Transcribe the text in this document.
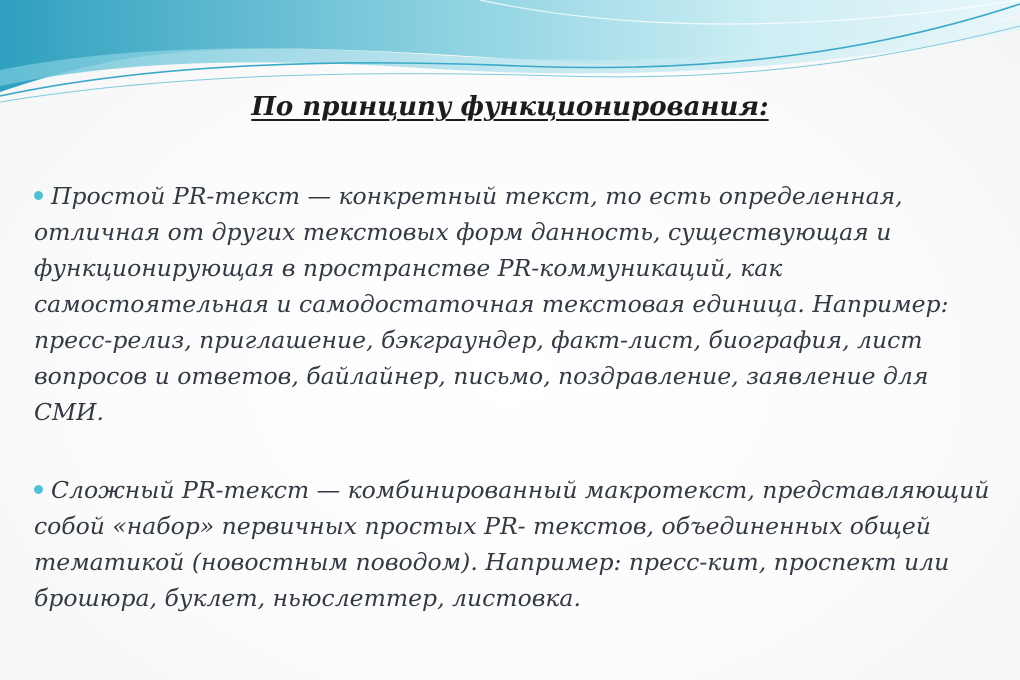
По принципу функционирования:

Простой PR-текст — конкретный текст, то есть определенная, отличная от других текстовых форм данность, существующая и функционирующая в пространстве PR-коммуникаций, как самостоятельная и самодостаточная текстовая единица. Например: пресс-релиз, приглашение, бэкграундер, факт-лист, биография, лист вопросов и ответов, байлайнер, письмо, поздравление, заявление для СМИ.

Сложный PR-текст — комбинированный макротекст, представляющий собой «набор» первичных простых PR- текстов, объединенных общей тематикой (новостным поводом). Например: пресс-кит, проспект или брошюра, буклет, ньюслеттер, листовка.
